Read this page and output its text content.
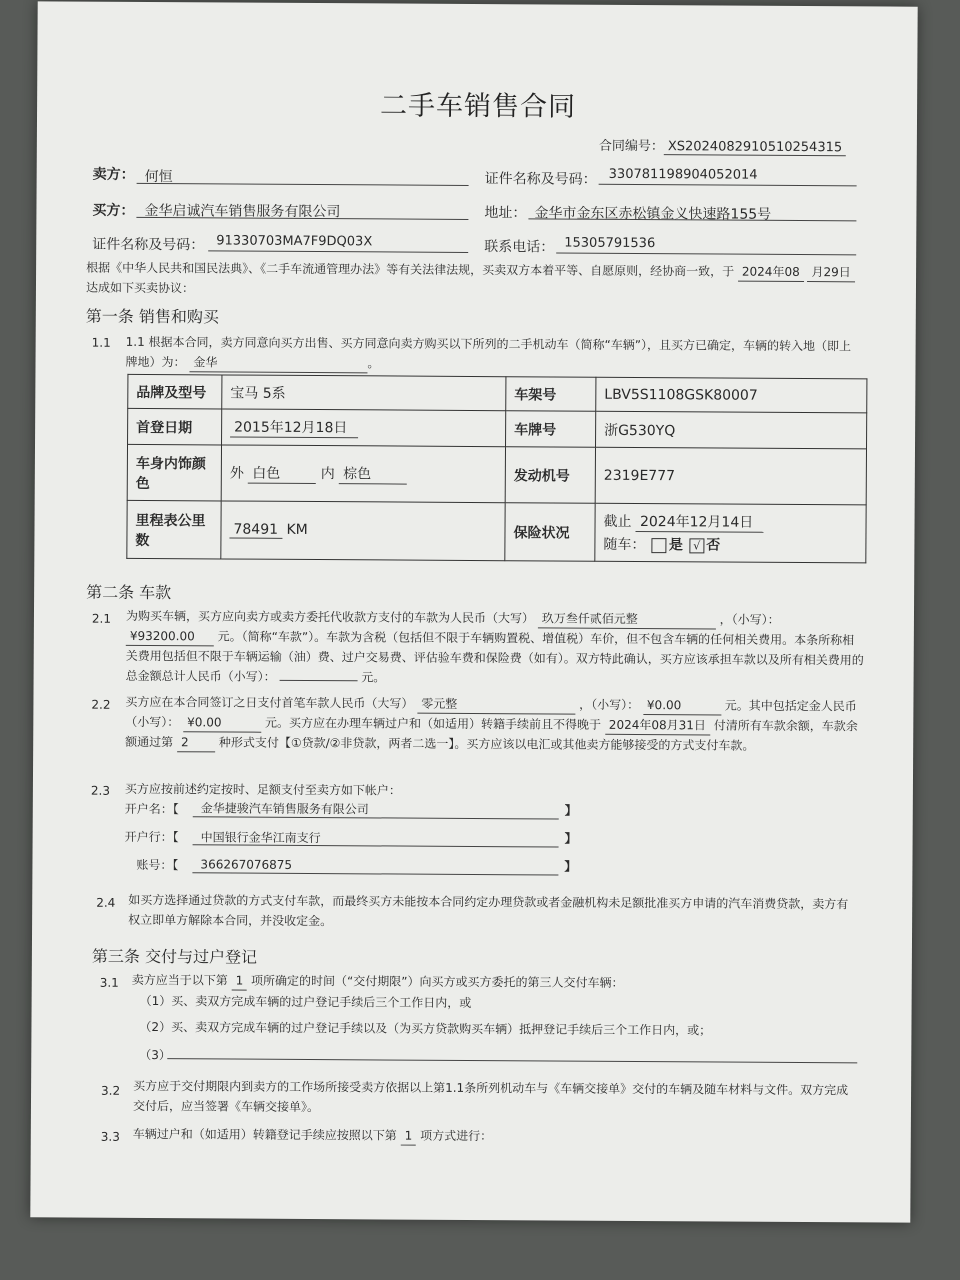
二手车销售合同
合同编号： XS2024082910510254315
卖方： 何恒	证件名称及号码： 330781198904052014
买方： 金华启诚汽车销售服务有限公司	地址： 金华市金东区赤松镇金义快速路155号
证件名称及号码： 91330703MA7F9DQ03X	联系电话： 15305791536
根据《中华人民共和国民法典》、《二手车流通管理办法》等有关法律法规，买卖双方本着平等、自愿原则，经协商一致，于 2024年08 月29日 达成如下买卖协议：
第一条 销售和购买
1.1 1.1 根据本合同，卖方同意向买方出售、买方同意向卖方购买以下所列的二手机动车（简称“车辆”），且买方已确定，车辆的转入地（即上牌地）为： 金华	。
品牌及型号	宝马 5系	车架号	LBV5S1108GSK80007
首登日期	2015年12月18日	车牌号	浙G530YQ
车身内饰颜色	外 白色 内 棕色	发动机号	2319E777
里程表公里数	78491 KM	保险状况	截止 2024年12月14日
随车： 是 √ 否
第二条 车款
2.1 为购买车辆，买方应向卖方或卖方委托代收款方支付的车款为人民币（大写） 玖万叁仟贰佰元整	，（小写）： ¥93200.00 元。（简称“车款”）。车款为含税（包括但不限于车辆购置税、增值税）车价，但不包含车辆的任何相关费用。本条所称相关费用包括但不限于车辆运输（油）费、过户交易费、评估验车费和保险费（如有）。双方特此确认，买方应该承担车款以及所有相关费用的总金额总计人民币（小写）：	元。
2.2 买方应在本合同签订之日支付首笔车款人民币（大写） 零元整	，（小写）： ¥0.00	元。其中包括定金人民币（小写）： ¥0.00	元。买方应在办理车辆过户和（如适用）转籍手续前且不得晚于 2024年08月31日 付清所有车款余额，车款余额通过第 2	种形式支付【①贷款/②非贷款，两者二选一】。买方应该以电汇或其他卖方能够接受的方式支付车款。
2.3 买方应按前述约定按时、足额支付至卖方如下帐户：
开户名：【 金华捷骏汽车销售服务有限公司	】
开户行：【 中国银行金华江南支行	】
账号：【 366267076875	】
2.4 如买方选择通过贷款的方式支付车款，而最终买方未能按本合同约定办理贷款或者金融机构未足额批准买方申请的汽车消费贷款，卖方有权立即单方解除本合同，并没收定金。
第三条 交付与过户登记
3.1 卖方应当于以下第 1 项所确定的时间（“交付期限”）向买方或买方委托的第三人交付车辆：
（1）买、卖双方完成车辆的过户登记手续后三个工作日内，或
（2）买、卖双方完成车辆的过户登记手续以及（为买方贷款购买车辆）抵押登记手续后三个工作日内，或；
（3）
3.2 买方应于交付期限内到卖方的工作场所接受卖方依据以上第1.1条所列机动车与《车辆交接单》交付的车辆及随车材料与文件。双方完成交付后，应当签署《车辆交接单》。
3.3 车辆过户和（如适用）转籍登记手续应按照以下第 1 项方式进行：
